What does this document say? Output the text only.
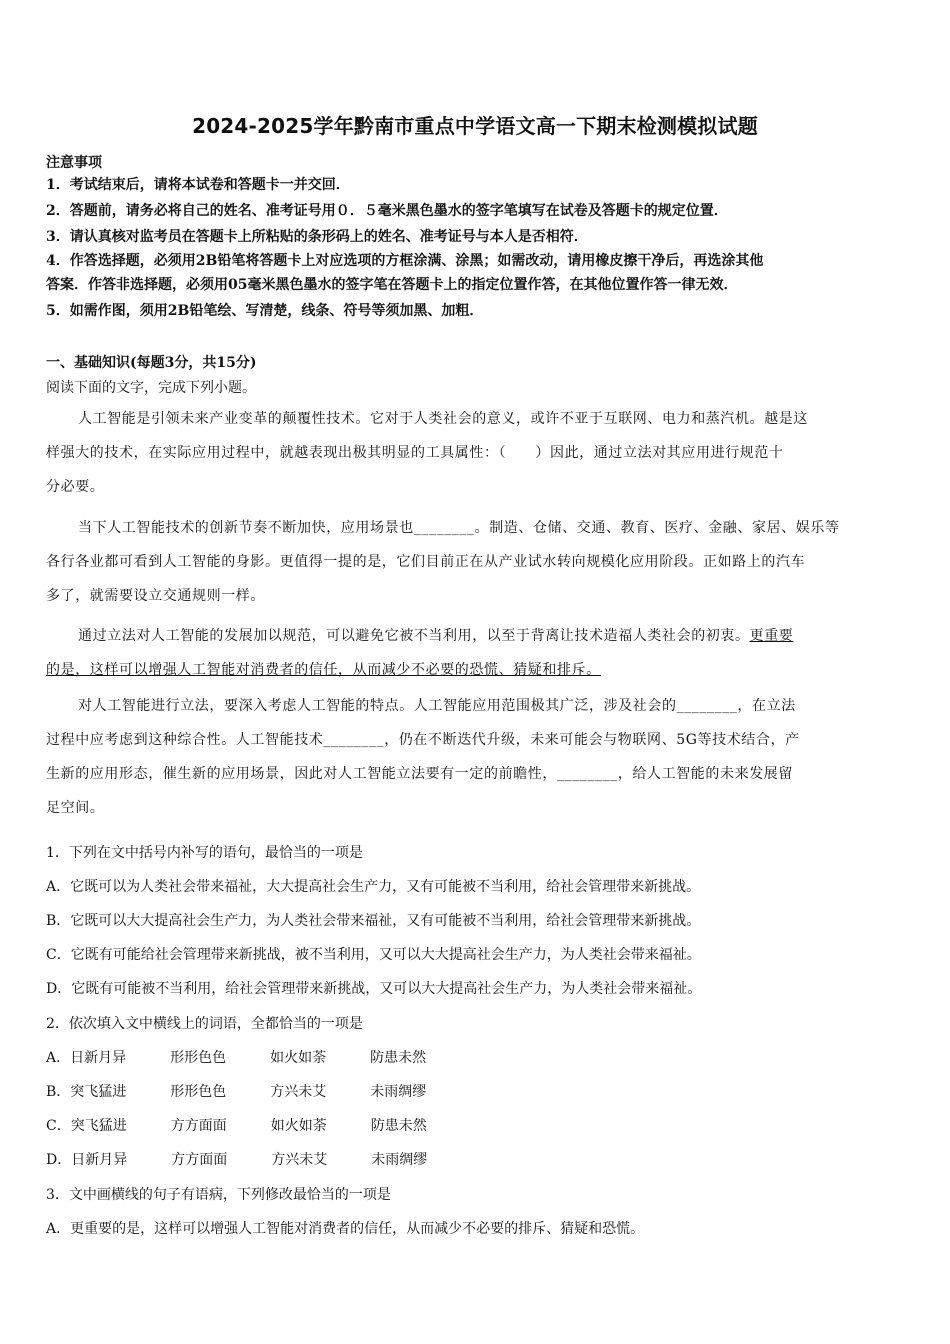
2024-2025学年黔南市重点中学语文高一下期末检测模拟试题
注意事项
1．考试结束后，请将本试卷和答题卡一并交回．
2．答题前，请务必将自己的姓名、准考证号用０．５毫米黑色墨水的签字笔填写在试卷及答题卡的规定位置．
3．请认真核对监考员在答题卡上所粘贴的条形码上的姓名、准考证号与本人是否相符．
4．作答选择题，必须用2B铅笔将答题卡上对应选项的方框涂满、涂黑；如需改动，请用橡皮擦干净后，再选涂其他
答案．作答非选择题，必须用05毫米黑色墨水的签字笔在答题卡上的指定位置作答，在其他位置作答一律无效．
5．如需作图，须用2B铅笔绘、写清楚，线条、符号等须加黑、加粗．
一、基础知识(每题3分，共15分)
阅读下面的文字，完成下列小题。
人工智能是引领未来产业变革的颠覆性技术。它对于人类社会的意义，或许不亚于互联网、电力和蒸汽机。越是这
样强大的技术，在实际应用过程中，就越表现出极其明显的工具属性：（　　）因此，通过立法对其应用进行规范十
分必要。
当下人工智能技术的创新节奏不断加快，应用场景也________。制造、仓储、交通、教育、医疗、金融、家居、娱乐等
各行各业都可看到人工智能的身影。更值得一提的是，它们目前正在从产业试水转向规模化应用阶段。正如路上的汽车
多了，就需要设立交通规则一样。
通过立法对人工智能的发展加以规范，可以避免它被不当利用，以至于背离让技术造福人类社会的初衷。更重要
的是，这样可以增强人工智能对消费者的信任，从而减少不必要的恐慌、猜疑和排斥。
对人工智能进行立法，要深入考虑人工智能的特点。人工智能应用范围极其广泛，涉及社会的________，在立法
过程中应考虑到这种综合性。人工智能技术________，仍在不断迭代升级，未来可能会与物联网、5G等技术结合，产
生新的应用形态，催生新的应用场景，因此对人工智能立法要有一定的前瞻性，________，给人工智能的未来发展留
足空间。
1．下列在文中括号内补写的语句，最恰当的一项是
A．它既可以为人类社会带来福祉，大大提高社会生产力，又有可能被不当利用，给社会管理带来新挑战。
B．它既可以大大提高社会生产力，为人类社会带来福祉，又有可能被不当利用，给社会管理带来新挑战。
C．它既有可能给社会管理带来新挑战，被不当利用，又可以大大提高社会生产力，为人类社会带来福祉。
D．它既有可能被不当利用，给社会管理带来新挑战，又可以大大提高社会生产力，为人类社会带来福祉。
2．依次填入文中横线上的词语，全都恰当的一项是
A．日新月异	形形色色	如火如荼	防患未然
B．突飞猛进	形形色色	方兴未艾	未雨绸缪
C．突飞猛进	方方面面	如火如荼	防患未然
D．日新月异	方方面面	方兴未艾	未雨绸缪
3．文中画横线的句子有语病，下列修改最恰当的一项是
A．更重要的是，这样可以增强人工智能对消费者的信任，从而减少不必要的排斥、猜疑和恐慌。
